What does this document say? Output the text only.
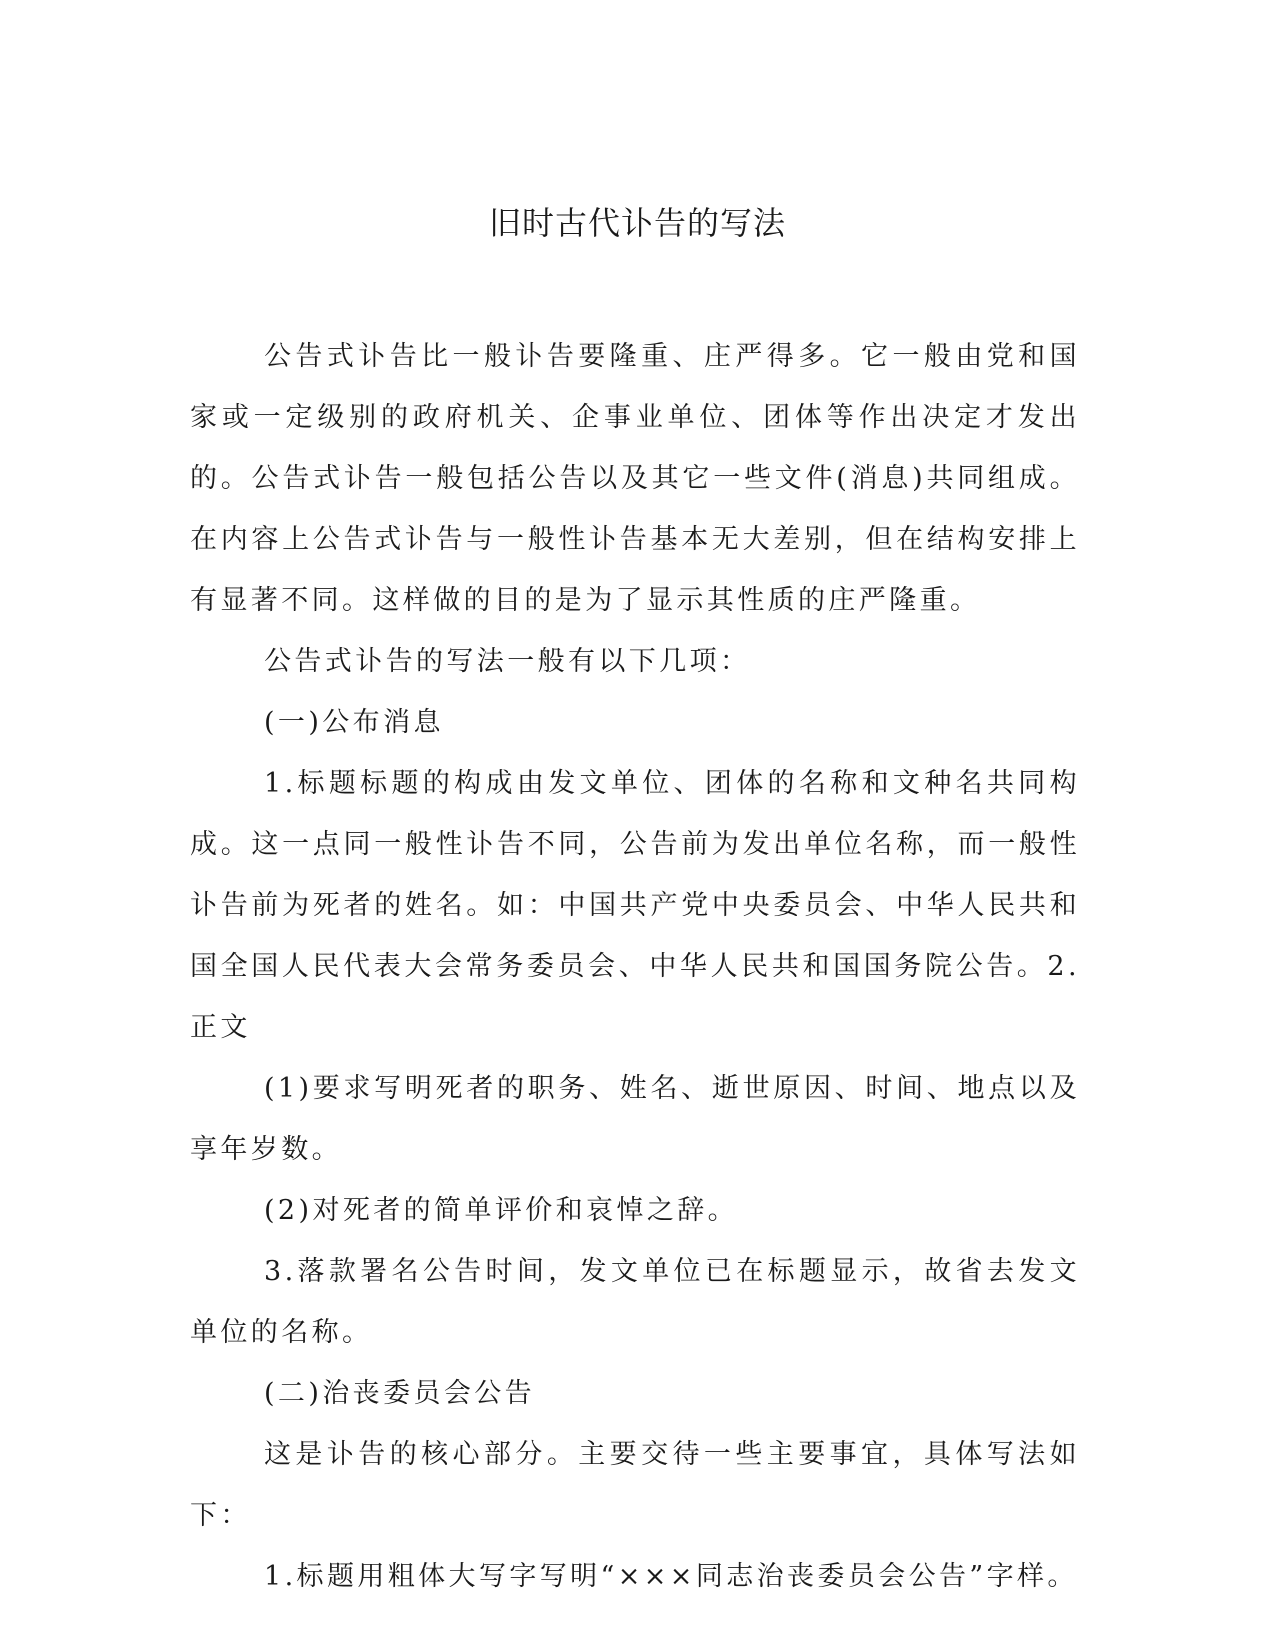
旧时古代讣告的写法

公告式讣告比一般讣告要隆重、庄严得多。它一般由党和国家或一定级别的政府机关、企事业单位、团体等作出决定才发出的。公告式讣告一般包括公告以及其它一些文件(消息)共同组成。在内容上公告式讣告与一般性讣告基本无大差别，但在结构安排上有显著不同。这样做的目的是为了显示其性质的庄严隆重。

公告式讣告的写法一般有以下几项：

(一)公布消息

1.标题标题的构成由发文单位、团体的名称和文种名共同构成。这一点同一般性讣告不同，公告前为发出单位名称，而一般性讣告前为死者的姓名。如：中国共产党中央委员会、中华人民共和国全国人民代表大会常务委员会、中华人民共和国国务院公告。2.正文

(1)要求写明死者的职务、姓名、逝世原因、时间、地点以及享年岁数。

(2)对死者的简单评价和哀悼之辞。

3.落款署名公告时间，发文单位已在标题显示，故省去发文单位的名称。

(二)治丧委员会公告

这是讣告的核心部分。主要交待一些主要事宜，具体写法如下：

1.标题用粗体大写字写明“×××同志治丧委员会公告”字样。
